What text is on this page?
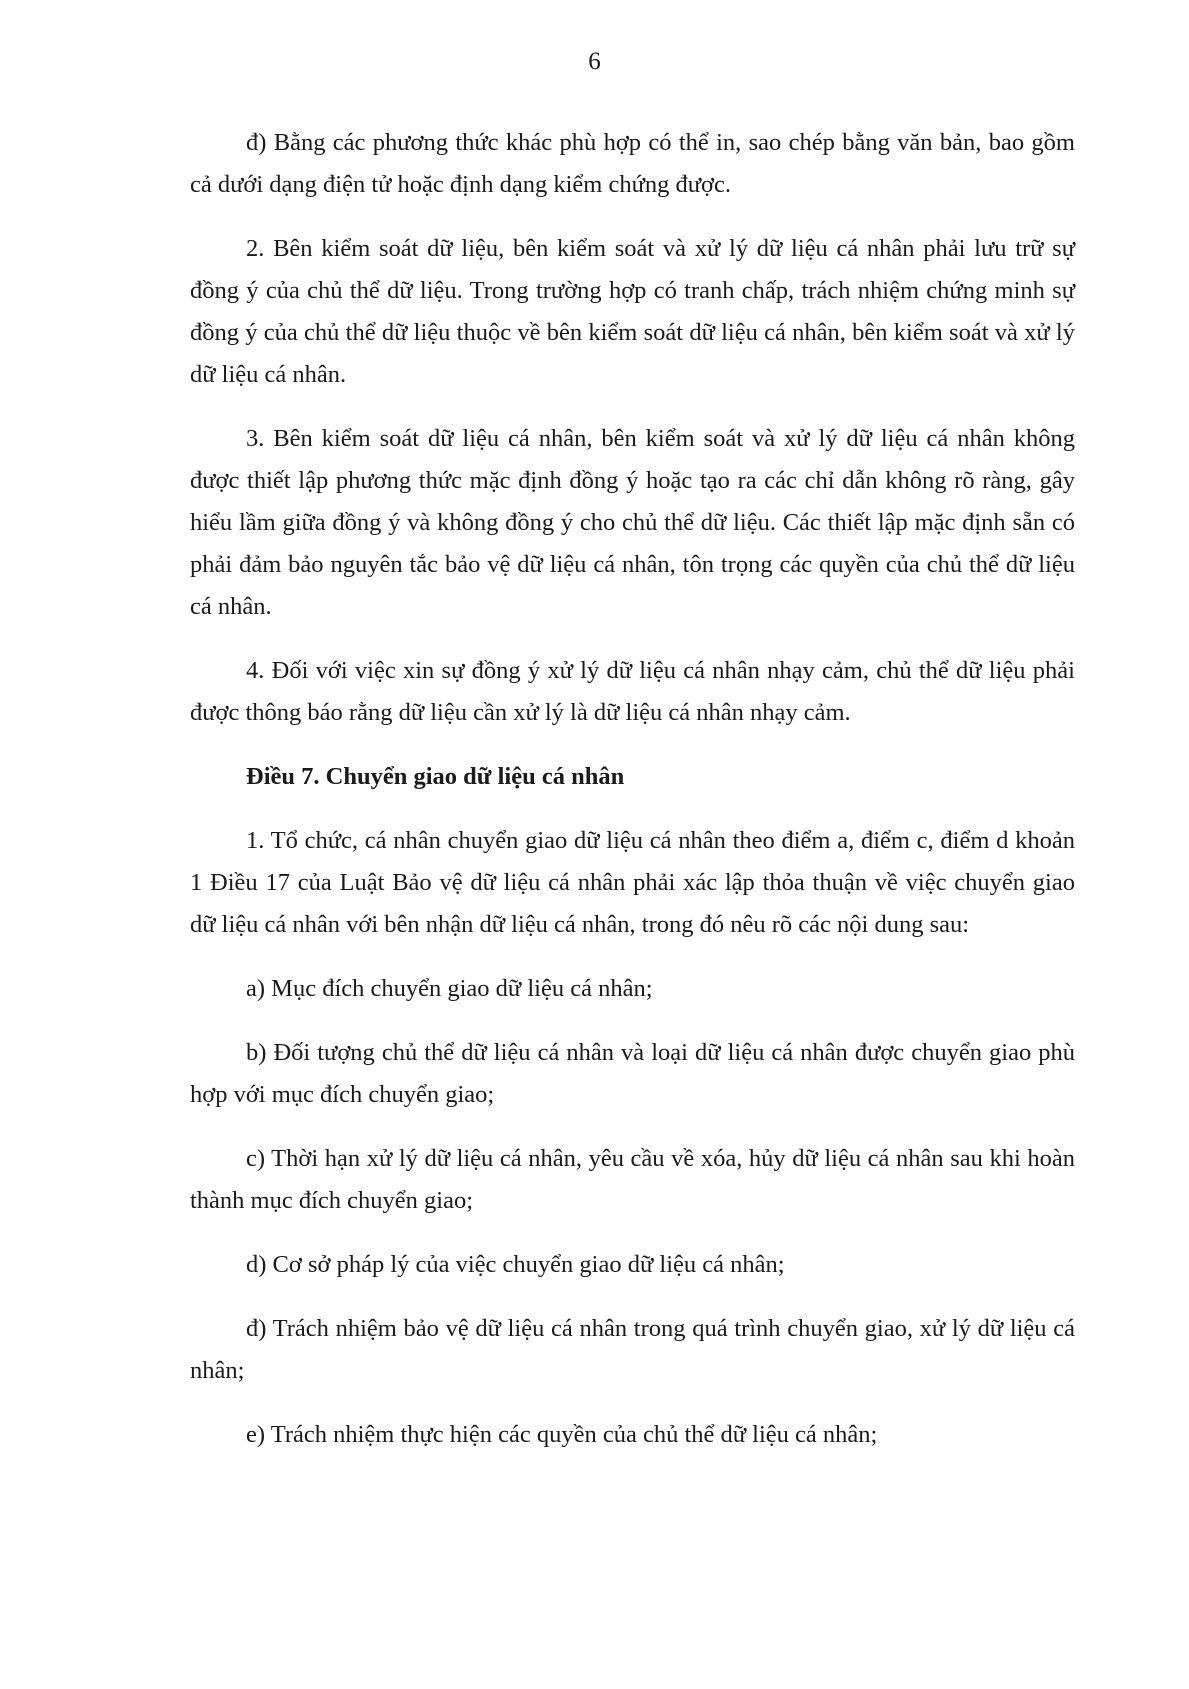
6

đ) Bằng các phương thức khác phù hợp có thể in, sao chép bằng văn bản, bao gồm cả dưới dạng điện tử hoặc định dạng kiểm chứng được.

2. Bên kiểm soát dữ liệu, bên kiểm soát và xử lý dữ liệu cá nhân phải lưu trữ sự đồng ý của chủ thể dữ liệu. Trong trường hợp có tranh chấp, trách nhiệm chứng minh sự đồng ý của chủ thể dữ liệu thuộc về bên kiểm soát dữ liệu cá nhân, bên kiểm soát và xử lý dữ liệu cá nhân.

3. Bên kiểm soát dữ liệu cá nhân, bên kiểm soát và xử lý dữ liệu cá nhân không được thiết lập phương thức mặc định đồng ý hoặc tạo ra các chỉ dẫn không rõ ràng, gây hiểu lầm giữa đồng ý và không đồng ý cho chủ thể dữ liệu. Các thiết lập mặc định sẵn có phải đảm bảo nguyên tắc bảo vệ dữ liệu cá nhân, tôn trọng các quyền của chủ thể dữ liệu cá nhân.

4. Đối với việc xin sự đồng ý xử lý dữ liệu cá nhân nhạy cảm, chủ thể dữ liệu phải được thông báo rằng dữ liệu cần xử lý là dữ liệu cá nhân nhạy cảm.

Điều 7. Chuyển giao dữ liệu cá nhân

1. Tổ chức, cá nhân chuyển giao dữ liệu cá nhân theo điểm a, điểm c, điểm d khoản 1 Điều 17 của Luật Bảo vệ dữ liệu cá nhân phải xác lập thỏa thuận về việc chuyển giao dữ liệu cá nhân với bên nhận dữ liệu cá nhân, trong đó nêu rõ các nội dung sau:

a) Mục đích chuyển giao dữ liệu cá nhân;

b) Đối tượng chủ thể dữ liệu cá nhân và loại dữ liệu cá nhân được chuyển giao phù hợp với mục đích chuyển giao;

c) Thời hạn xử lý dữ liệu cá nhân, yêu cầu về xóa, hủy dữ liệu cá nhân sau khi hoàn thành mục đích chuyển giao;

d) Cơ sở pháp lý của việc chuyển giao dữ liệu cá nhân;

đ) Trách nhiệm bảo vệ dữ liệu cá nhân trong quá trình chuyển giao, xử lý dữ liệu cá nhân;

e) Trách nhiệm thực hiện các quyền của chủ thể dữ liệu cá nhân;
